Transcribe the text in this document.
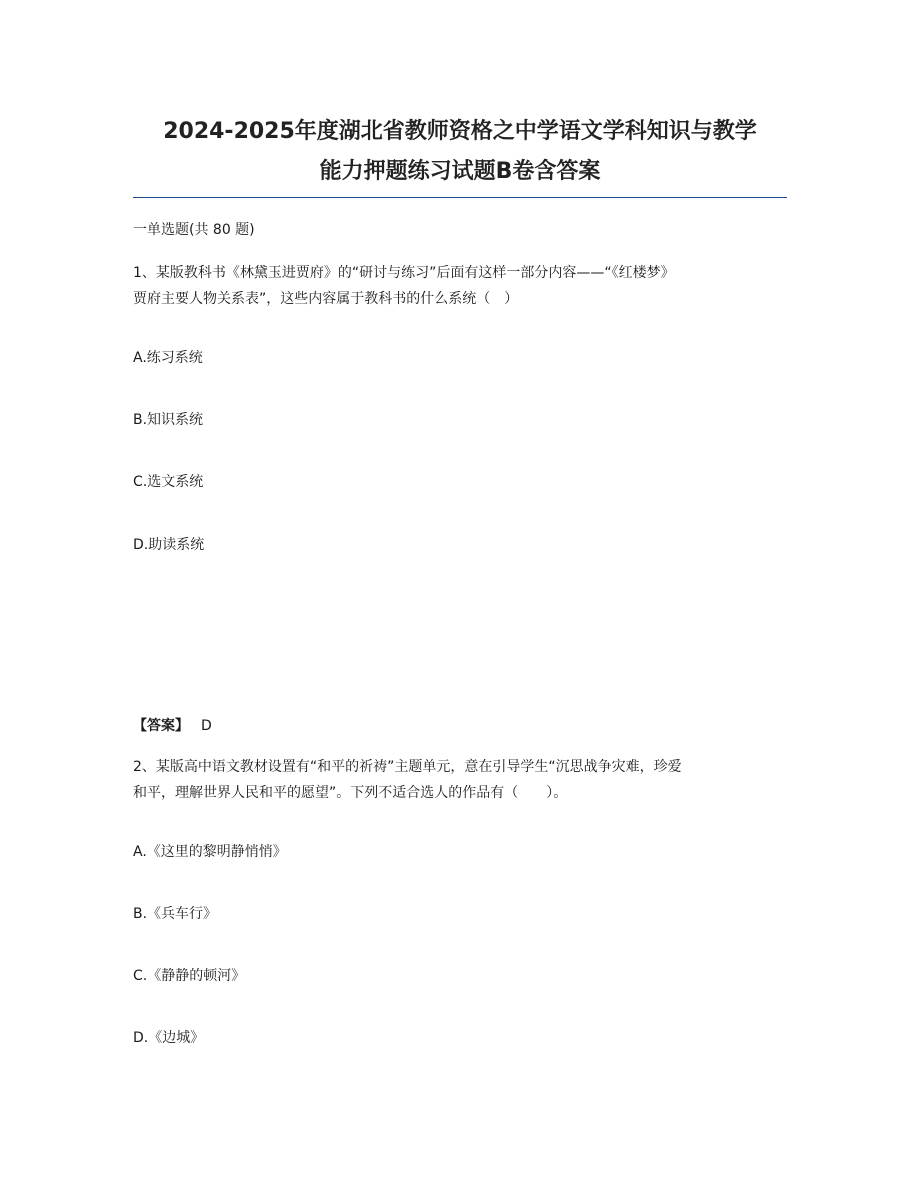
2024-2025年度湖北省教师资格之中学语文学科知识与教学
能力押题练习试题B卷含答案
一单选题(共 80 题)
1、某版教科书《林黛玉进贾府》的“研讨与练习”后面有这样一部分内容——“《红楼梦》
贾府主要人物关系表”，这些内容属于教科书的什么系统（　）
A.练习系统
B.知识系统
C.选文系统
D.助读系统
【答案】 D
2、某版高中语文教材设置有“和平的祈祷”主题单元，意在引导学生“沉思战争灾难，珍爱
和平，理解世界人民和平的愿望”。下列不适合选人的作品有（　　）。
A.《这里的黎明静悄悄》
B.《兵车行》
C.《静静的顿河》
D.《边城》
